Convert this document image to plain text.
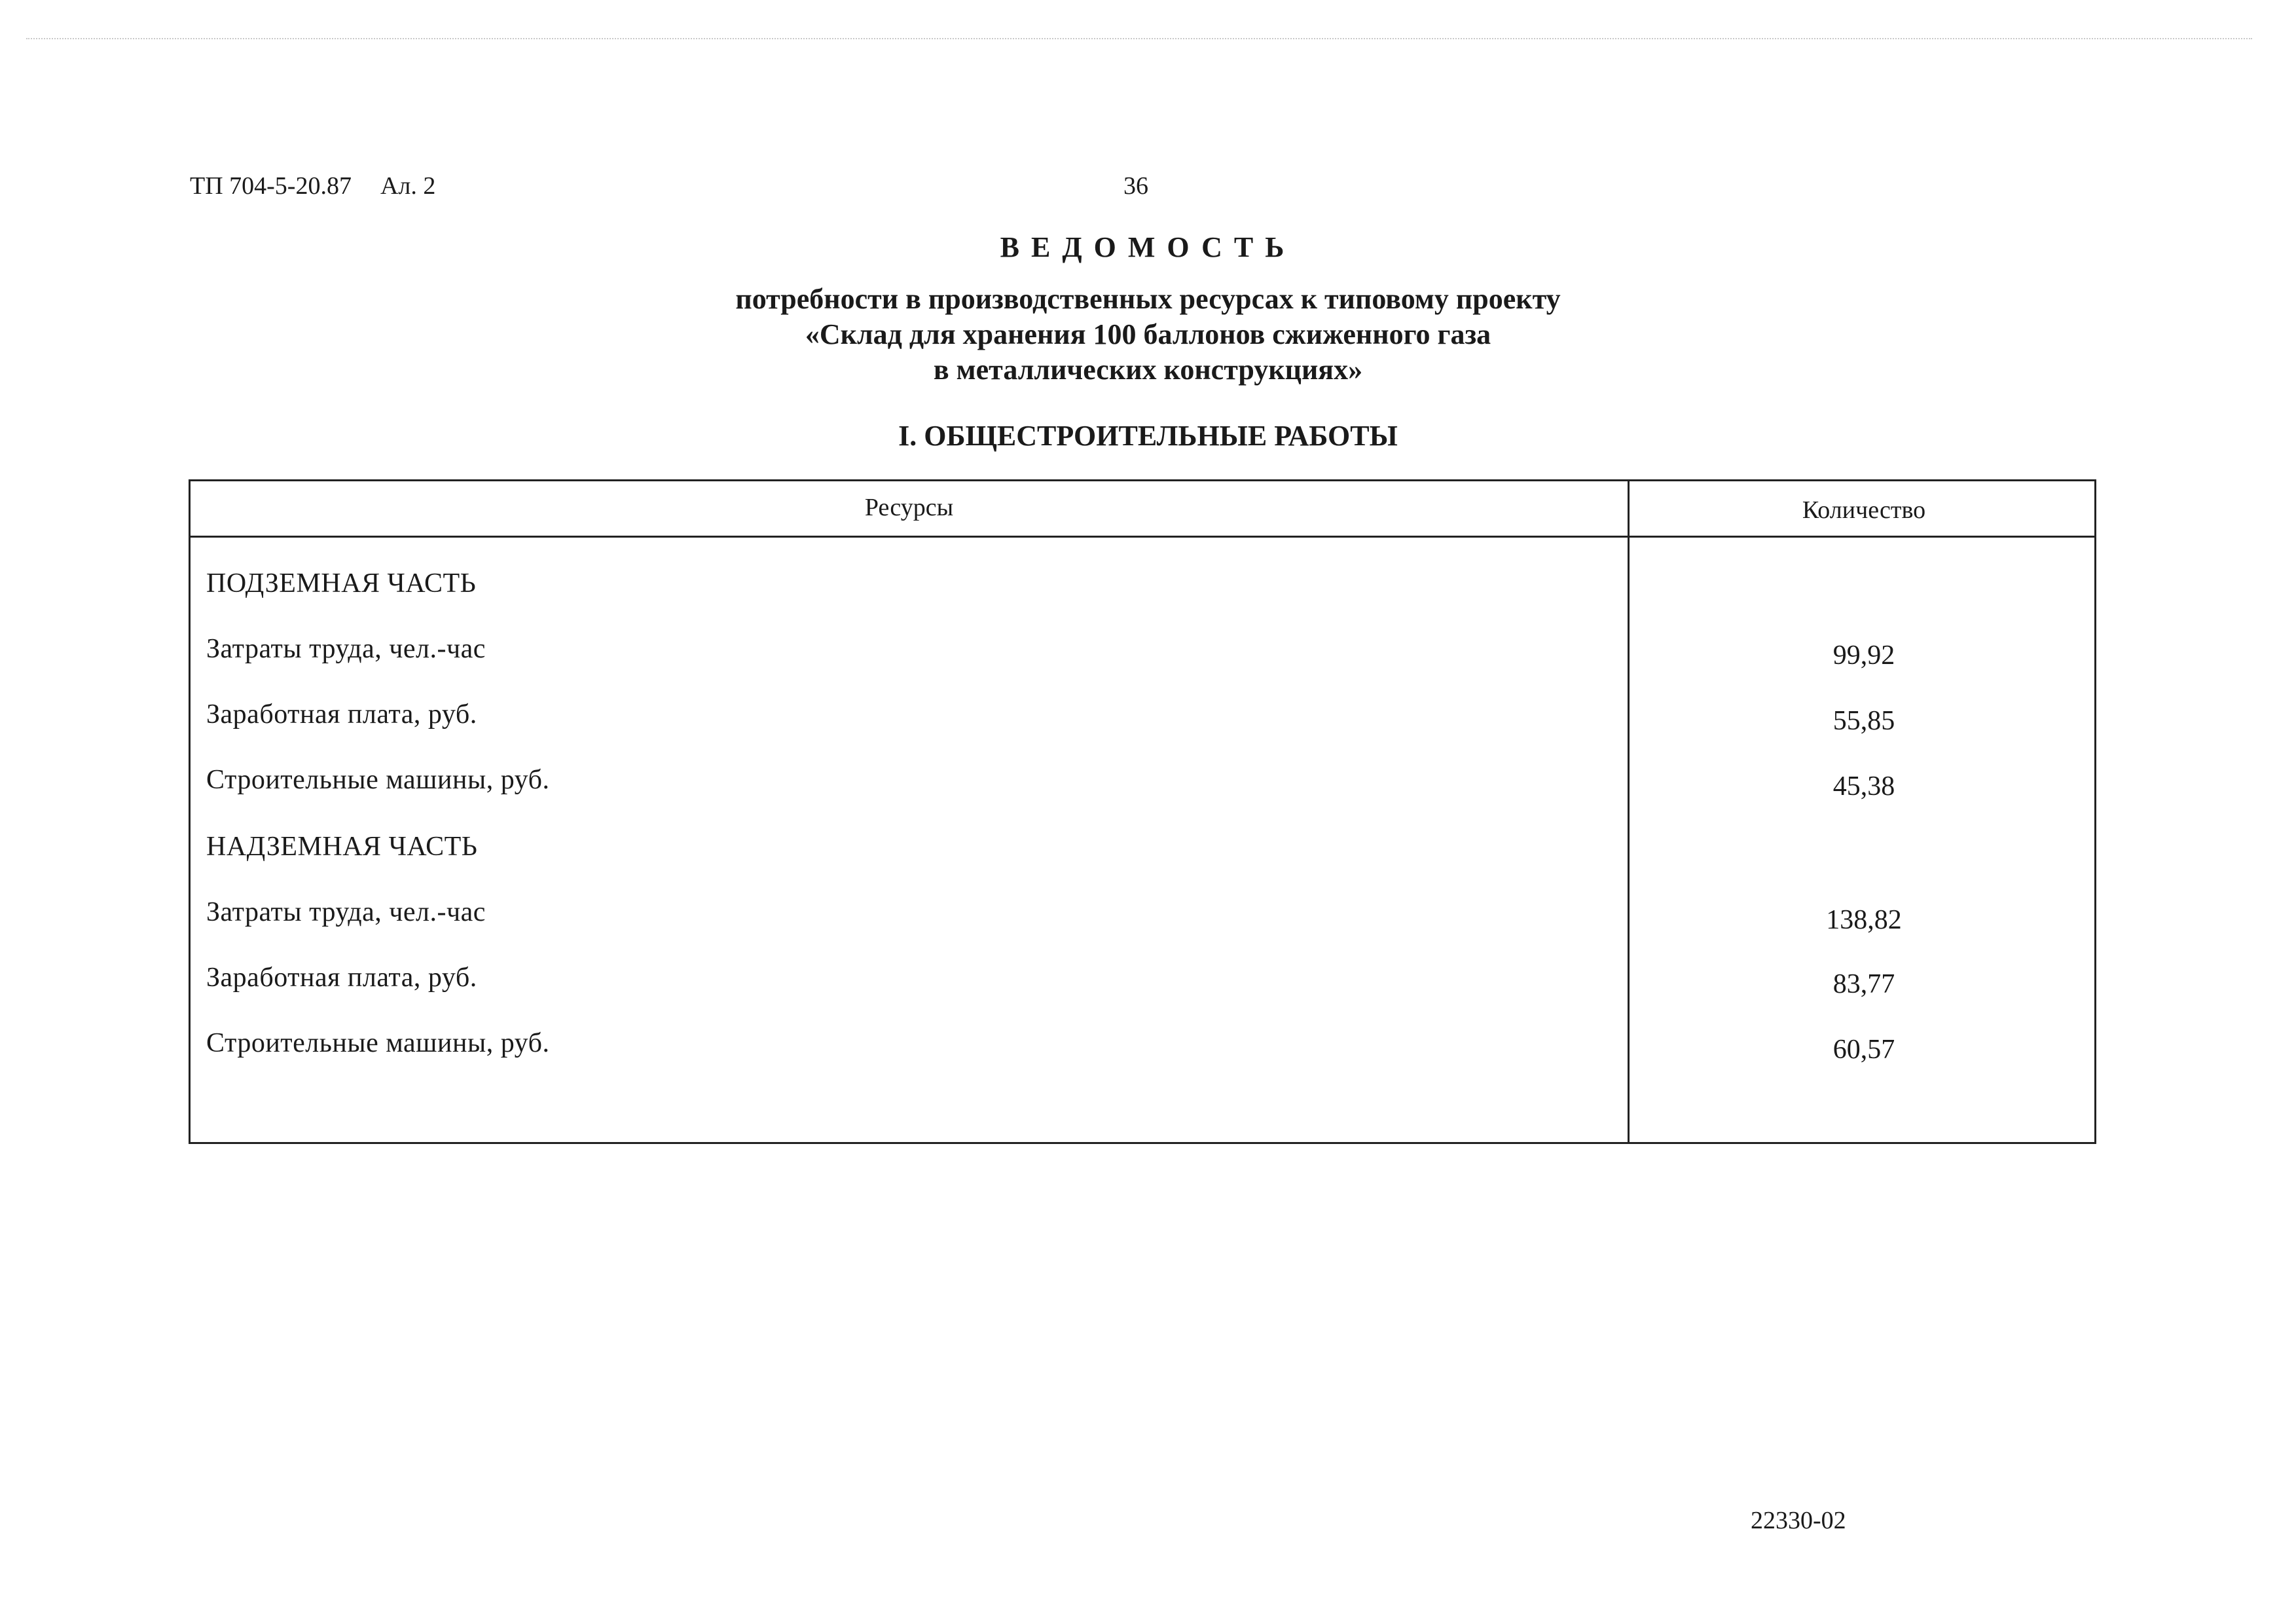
ТП 704-5-20.87 Ал. 2	36
ВЕДОМОСТЬ
потребности в производственных ресурсах к типовому проекту
«Склад для хранения 100 баллонов сжиженного газа
в металлических конструкциях»
I. ОБЩЕСТРОИТЕЛЬНЫЕ РАБОТЫ
Ресурсы	Количество
ПОДЗЕМНАЯ ЧАСТЬ
Затраты труда, чел.-час	99,92
Заработная плата, руб.	55,85
Строительные машины, руб.	45,38
НАДЗЕМНАЯ ЧАСТЬ
Затраты труда, чел.-час	138,82
Заработная плата, руб.	83,77
Строительные машины, руб.	60,57
22330-02
